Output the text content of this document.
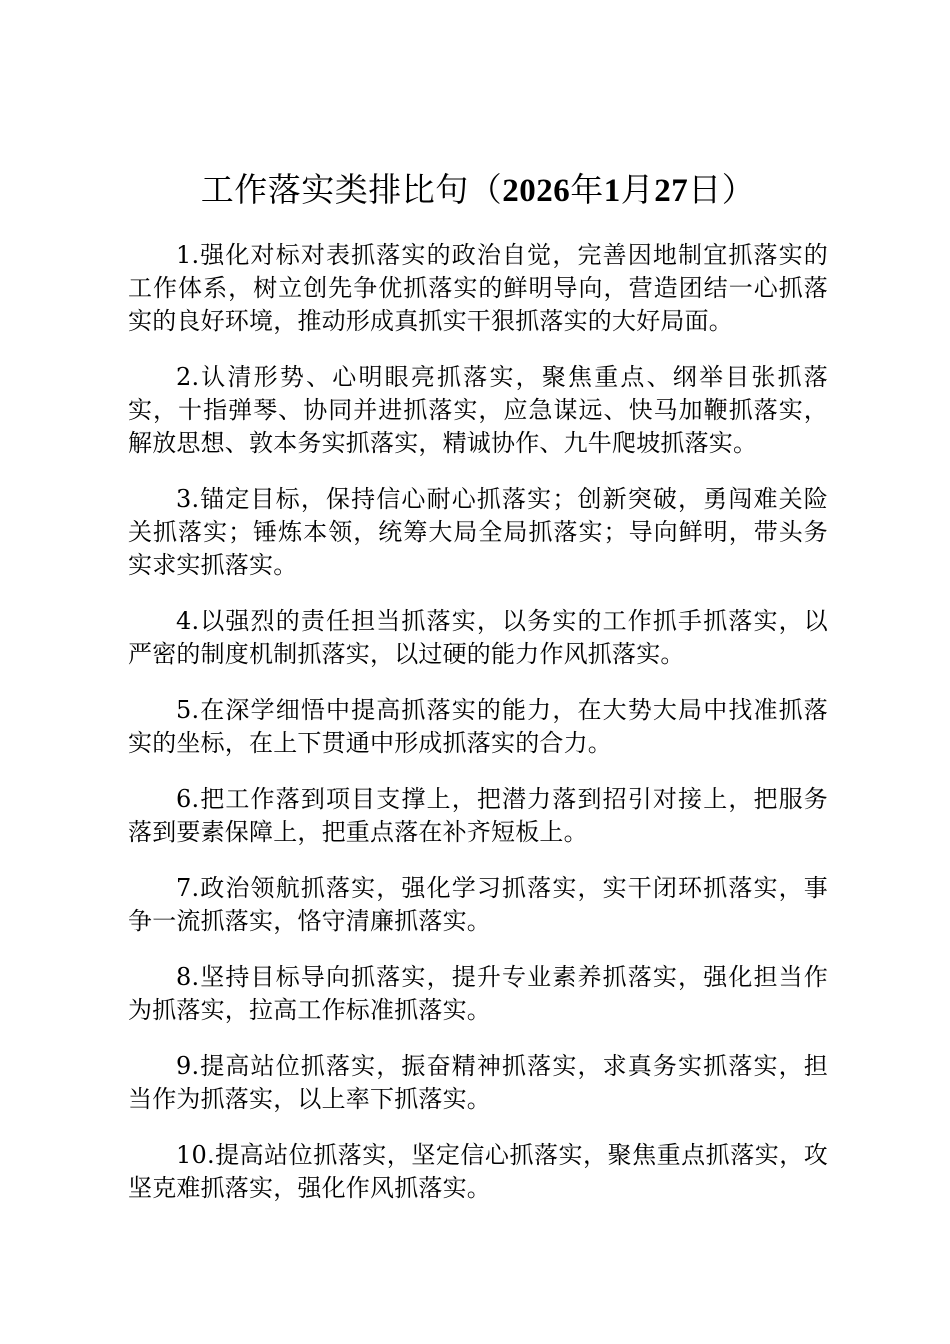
工作落实类排比句（2026年1月27日）

1.强化对标对表抓落实的政治自觉，完善因地制宜抓落实的工作体系，树立创先争优抓落实的鲜明导向，营造团结一心抓落实的良好环境，推动形成真抓实干狠抓落实的大好局面。

2.认清形势、心明眼亮抓落实，聚焦重点、纲举目张抓落实，十指弹琴、协同并进抓落实，应急谋远、快马加鞭抓落实，解放思想、敦本务实抓落实，精诚协作、九牛爬坡抓落实。

3.锚定目标，保持信心耐心抓落实；创新突破，勇闯难关险关抓落实；锤炼本领，统筹大局全局抓落实；导向鲜明，带头务实求实抓落实。

4.以强烈的责任担当抓落实，以务实的工作抓手抓落实，以严密的制度机制抓落实，以过硬的能力作风抓落实。

5.在深学细悟中提高抓落实的能力，在大势大局中找准抓落实的坐标，在上下贯通中形成抓落实的合力。

6.把工作落到项目支撑上，把潜力落到招引对接上，把服务落到要素保障上，把重点落在补齐短板上。

7.政治领航抓落实，强化学习抓落实，实干闭环抓落实，事争一流抓落实，恪守清廉抓落实。

8.坚持目标导向抓落实，提升专业素养抓落实，强化担当作为抓落实，拉高工作标准抓落实。

9.提高站位抓落实，振奋精神抓落实，求真务实抓落实，担当作为抓落实，以上率下抓落实。

10.提高站位抓落实，坚定信心抓落实，聚焦重点抓落实，攻坚克难抓落实，强化作风抓落实。
